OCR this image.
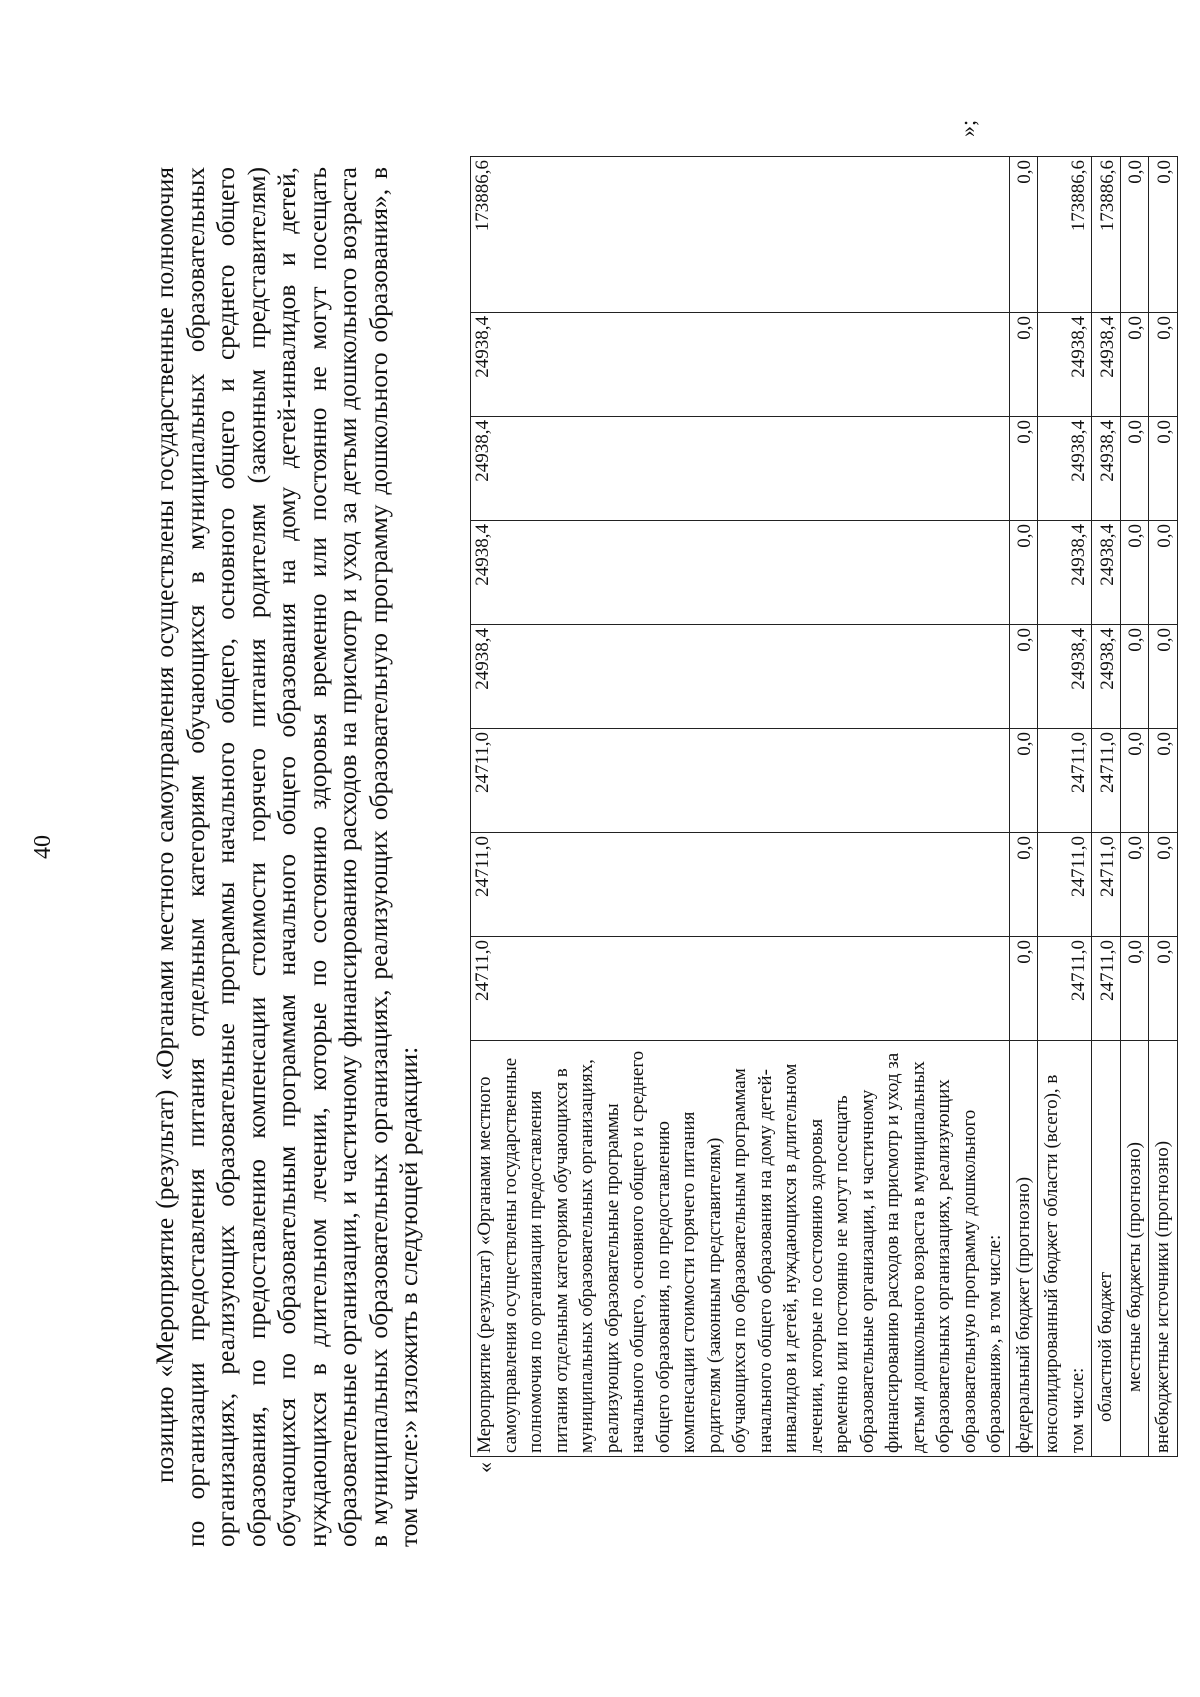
40	позицию «Мероприятие (результат) «Органами местного самоуправления осуществлены государственные полномочия по организации предоставления питания отдельным категориям обучающихся в муниципальных образовательных организациях, реализующих образовательные программы начального общего, основного общего и среднего общего образования, по предоставлению компенсации стоимости горячего питания родителям (законным представителям) обучающихся по образовательным программам начального общего образования на дому детей-инвалидов и детей, нуждающихся в длительном лечении, которые по состоянию здоровья временно или постоянно не могут посещать образовательные организации, и частичному финансированию расходов на присмотр и уход за детьми дошкольного возраста в муниципальных образовательных организациях, реализующих образовательную программу дошкольного образования», в том числе:» изложить в следующей редакции: «
Мероприятие (результат) «Органами местного самоуправления осуществлены государственные полномочия по организации предоставления питания отдельным категориям обучающихся в муниципальных образовательных организациях, реализующих образовательные программы начального общего, основного общего и среднего общего образования, по предоставлению компенсации стоимости горячего питания родителям (законным представителям) обучающихся по образовательным программам начального общего образования на дому детей-инвалидов и детей, нуждающихся в длительном лечении, которые по состоянию здоровья временно или постоянно не могут посещать образовательные организации, и частичному финансированию расходов на присмотр и уход за детьми дошкольного возраста в муниципальных образовательных организациях, реализующих образовательную программу дошкольного образования», в том числе:	24711,0	24711,0	24711,0	24938,4	24938,4	24938,4	24938,4	173886,6
федеральный бюджет (прогнозно)	0,0	0,0	0,0	0,0	0,0	0,0	0,0	0,0
консолидированный бюджет области (всего), в том числе:	24711,0	24711,0	24711,0	24938,4	24938,4	24938,4	24938,4	173886,6
областной бюджет	24711,0	24711,0	24711,0	24938,4	24938,4	24938,4	24938,4	173886,6
местные бюджеты (прогнозно)	0,0	0,0	0,0	0,0	0,0	0,0	0,0	0,0
внебюджетные источники (прогнозно)	0,0	0,0	0,0	0,0	0,0	0,0	0,0	0,0
»;
